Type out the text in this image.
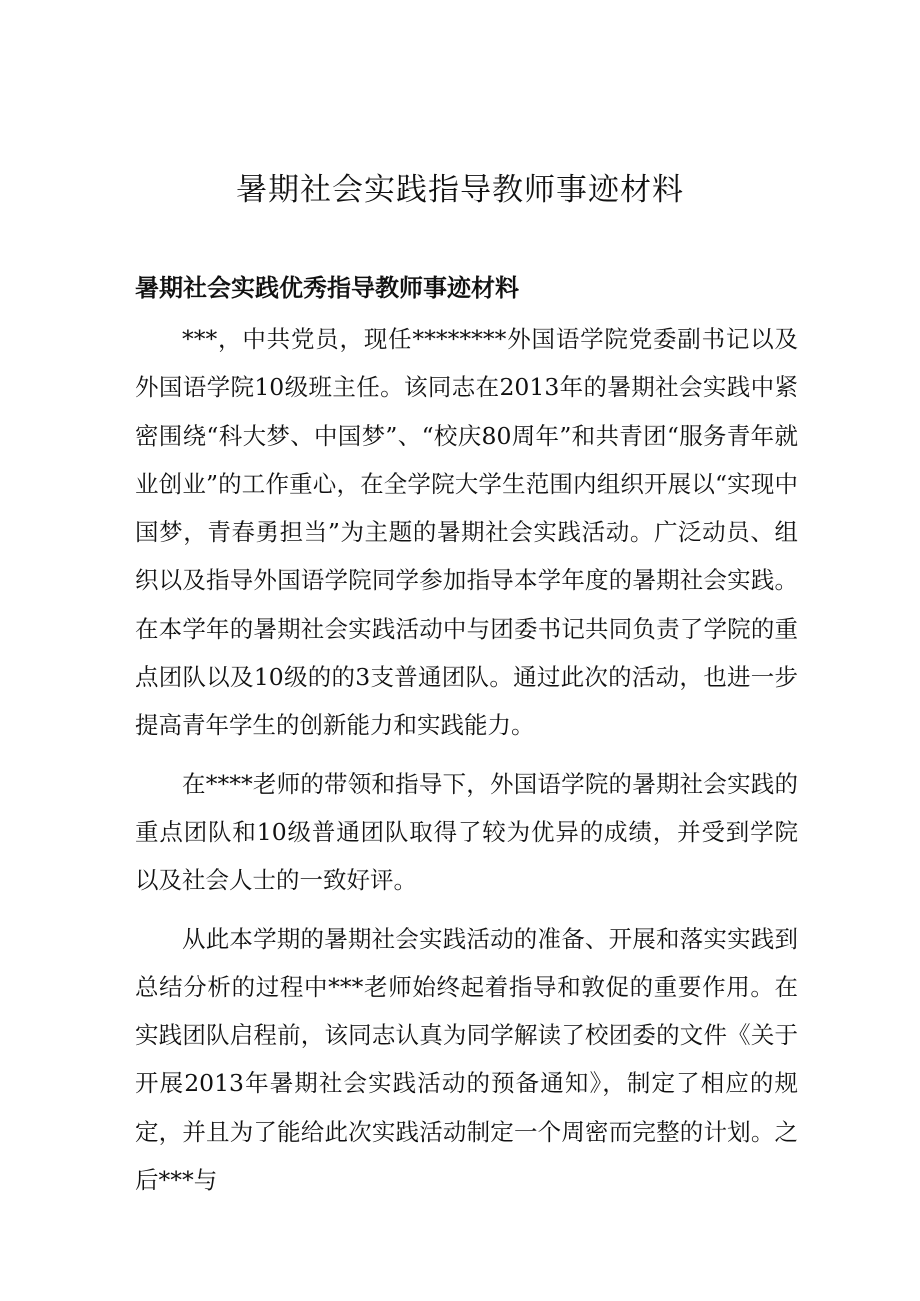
暑期社会实践指导教师事迹材料
暑期社会实践优秀指导教师事迹材料

***，中共党员，现任********外国语学院党委副书记以及外国语学院10级班主任。该同志在2013年的暑期社会实践中紧密围绕“科大梦、中国梦”、“校庆80周年”和共青团“服务青年就业创业”的工作重心，在全学院大学生范围内组织开展以“实现中国梦，青春勇担当”为主题的暑期社会实践活动。广泛动员、组织以及指导外国语学院同学参加指导本学年度的暑期社会实践。在本学年的暑期社会实践活动中与团委书记共同负责了学院的重点团队以及10级的的3支普通团队。通过此次的活动，也进一步提高青年学生的创新能力和实践能力。

在****老师的带领和指导下，外国语学院的暑期社会实践的重点团队和10级普通团队取得了较为优异的成绩，并受到学院以及社会人士的一致好评。

从此本学期的暑期社会实践活动的准备、开展和落实实践到总结分析的过程中***老师始终起着指导和敦促的重要作用。在实践团队启程前，该同志认真为同学解读了校团委的文件《关于开展2013年暑期社会实践活动的预备通知》，制定了相应的规定，并且为了能给此次实践活动制定一个周密而完整的计划。之后***与
